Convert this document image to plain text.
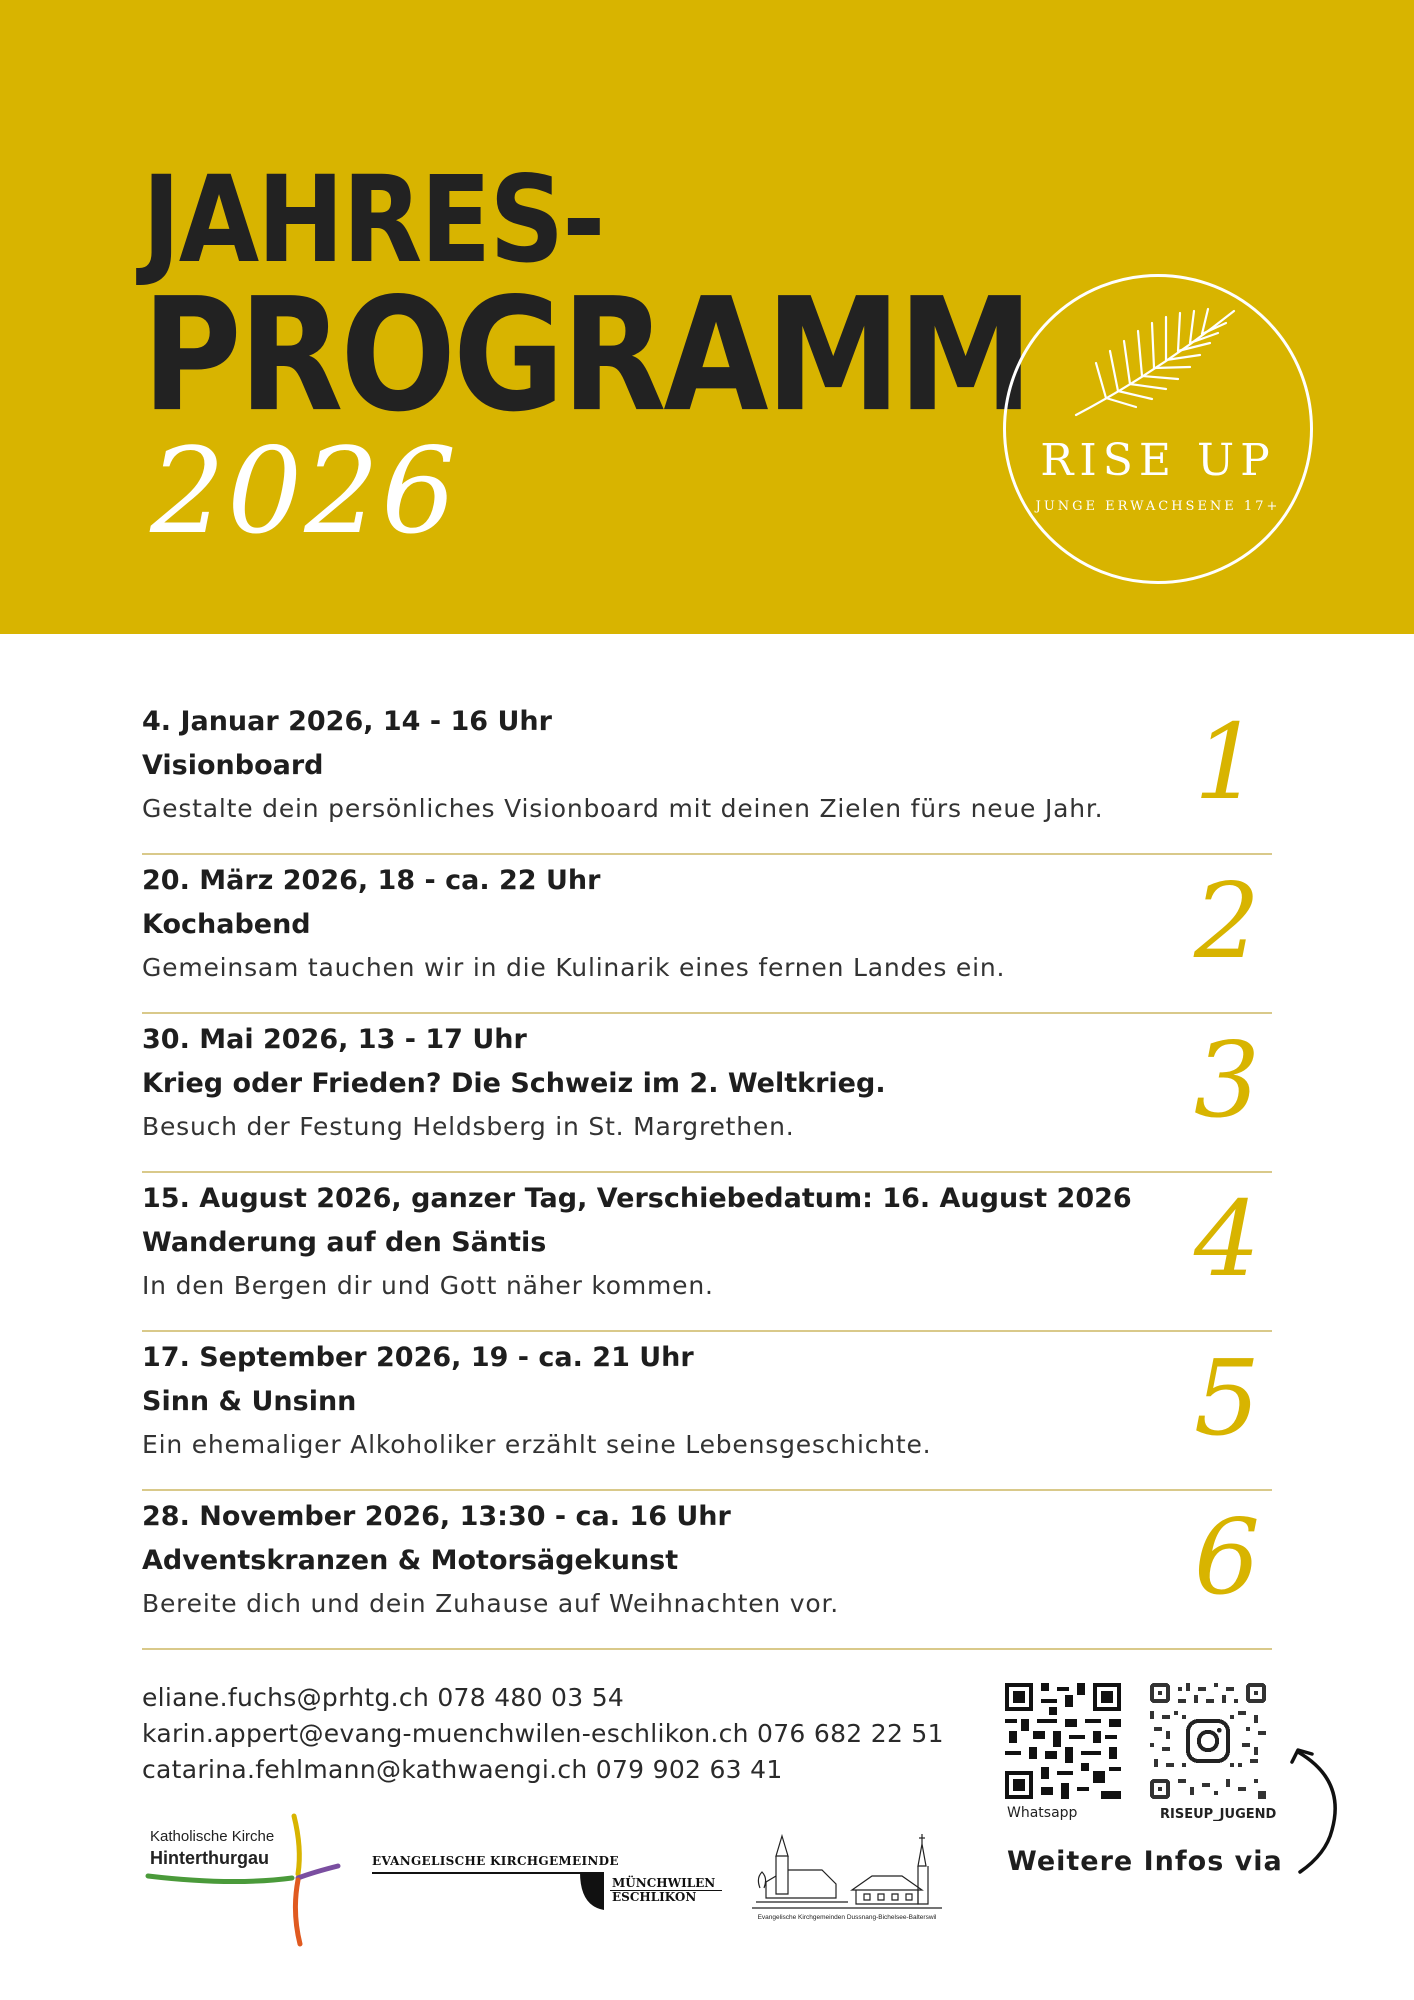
JAHRES-
PROGRAMM
2026	RISE UP
JUNGE ERWACHSENE 17+
4. Januar 2026, 14 - 16 Uhr
Visionboard
Gestalte dein persönliches Visionboard mit deinen Zielen fürs neue Jahr. 1
20. März 2026, 18 - ca. 22 Uhr
Kochabend
Gemeinsam tauchen wir in die Kulinarik eines fernen Landes ein. 2
30. Mai 2026, 13 - 17 Uhr
Krieg oder Frieden? Die Schweiz im 2. Weltkrieg.
Besuch der Festung Heldsberg in St. Margrethen.	3
15. August 2026, ganzer Tag, Verschiebedatum: 16. August 2026
Wanderung auf den Säntis
In den Bergen dir und Gott näher kommen.	4
17. September 2026, 19 - ca. 21 Uhr
Sinn & Unsinn
Ein ehemaliger Alkoholiker erzählt seine Lebensgeschichte.	5
28. November 2026, 13:30 - ca. 16 Uhr
Adventskranzen & Motorsägekunst
Bereite dich und dein Zuhause auf Weihnachten vor.	6
eliane.fuchs@prhtg.ch 078 480 03 54
karin.appert@evang-muenchwilen-eschlikon.ch 076 682 22 51
catarina.fehlmann@kathwaengi.ch 079 902 63 41
Whatsapp	RISEUP_JUGEND
Weitere Infos via
Katholische Kirche
Hinterthurgau	EVANGELISCHE KIRCHGEMEINDE
MÜNCHWILEN
ESCHLIKON
Evangelische Kirchgemeinden Dussnang-Bichelsee-Balterswil
